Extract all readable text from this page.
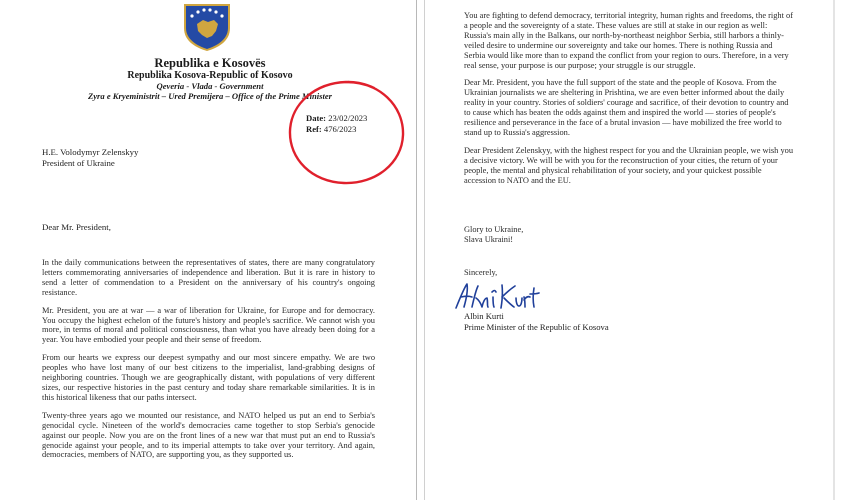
Republika e Kosovës
Republika Kosova-Republic of Kosovo
Qeveria - Vlada - Government
Zyra e Kryeministrit – Ured Premijera – Office of the Prime Minister
Date: 23/02/2023
Ref: 476/2023
H.E. Volodymyr Zelenskyy
President of Ukraine
Dear Mr. President,

In the daily communications between the representatives of states, there are many congratulatory letters commemorating anniversaries of independence and liberation. But it is rare in history to send a letter of commendation to a President on the anniversary of his country's ongoing resistance.

Mr. President, you are at war — a war of liberation for Ukraine, for Europe and for democracy. You occupy the highest echelon of the future's history and people's sacrifice. We cannot wish you more, in terms of moral and political consciousness, than what you have already been doing for a year. You have embodied your people and their sense of freedom.

From our hearts we express our deepest sympathy and our most sincere empathy. We are two peoples who have lost many of our best citizens to the imperialist, land-grabbing designs of neighboring countries. Though we are geographically distant, with populations of very different sizes, our respective histories in the past century and today share remarkable similarities. It is in this historical likeness that our paths intersect.

Twenty-three years ago we mounted our resistance, and NATO helped us put an end to Serbia's genocidal cycle. Nineteen of the world's democracies came together to stop Serbia's genocide against our people. Now you are on the front lines of a new war that must put an end to Russia's genocide against your people, and to its imperial attempts to take over your territory. And again, democracies, members of NATO, are supporting you, as they supported us.

You are fighting to defend democracy, territorial integrity, human rights and freedoms, the right of a people and the sovereignty of a state. These values are still at stake in our region as well: Russia's main ally in the Balkans, our north-by-northeast neighbor Serbia, still harbors a thinly-veiled desire to undermine our sovereignty and take our homes. There is nothing Russia and Serbia would like more than to expand the conflict from your region to ours. Therefore, in a very real sense, your purpose is our purpose; your struggle is our struggle.

Dear Mr. President, you have the full support of the state and the people of Kosova. From the Ukrainian journalists we are sheltering in Prishtina, we are even better informed about the daily reality in your country. Stories of soldiers' courage and sacrifice, of their devotion to country and to cause which has beaten the odds against them and inspired the world — stories of people's resilience and perseverance in the face of a brutal invasion — have mobilized the free world to stand up to Russia's aggression.

Dear President Zelenskyy, with the highest respect for you and the Ukrainian people, we wish you a decisive victory. We will be with you for the reconstruction of your cities, the return of your people, the mental and physical rehabilitation of your society, and your quickest possible accession to NATO and the EU.

Glory to Ukraine,
Slava Ukraini!
Sincerely,
Albin Kurti
Prime Minister of the Republic of Kosova
